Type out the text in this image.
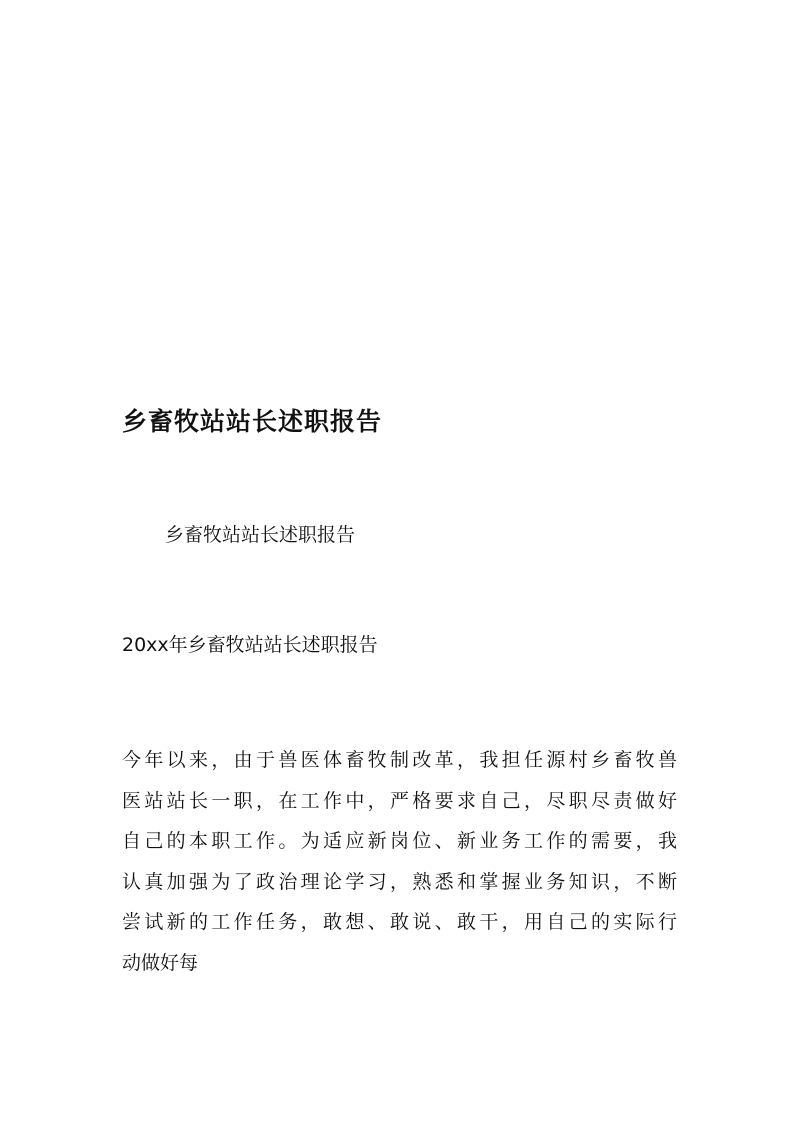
乡畜牧站站长述职报告

乡畜牧站站长述职报告

20xx年乡畜牧站站长述职报告

今年以来，由于兽医体畜牧制改革，我担任源村乡畜牧兽
医站站长一职，在工作中，严格要求自己，尽职尽责做好
自己的本职工作。为适应新岗位、新业务工作的需要，我
认真加强为了政治理论学习，熟悉和掌握业务知识，不断
尝试新的工作任务，敢想、敢说、敢干，用自己的实际行
动做好每
